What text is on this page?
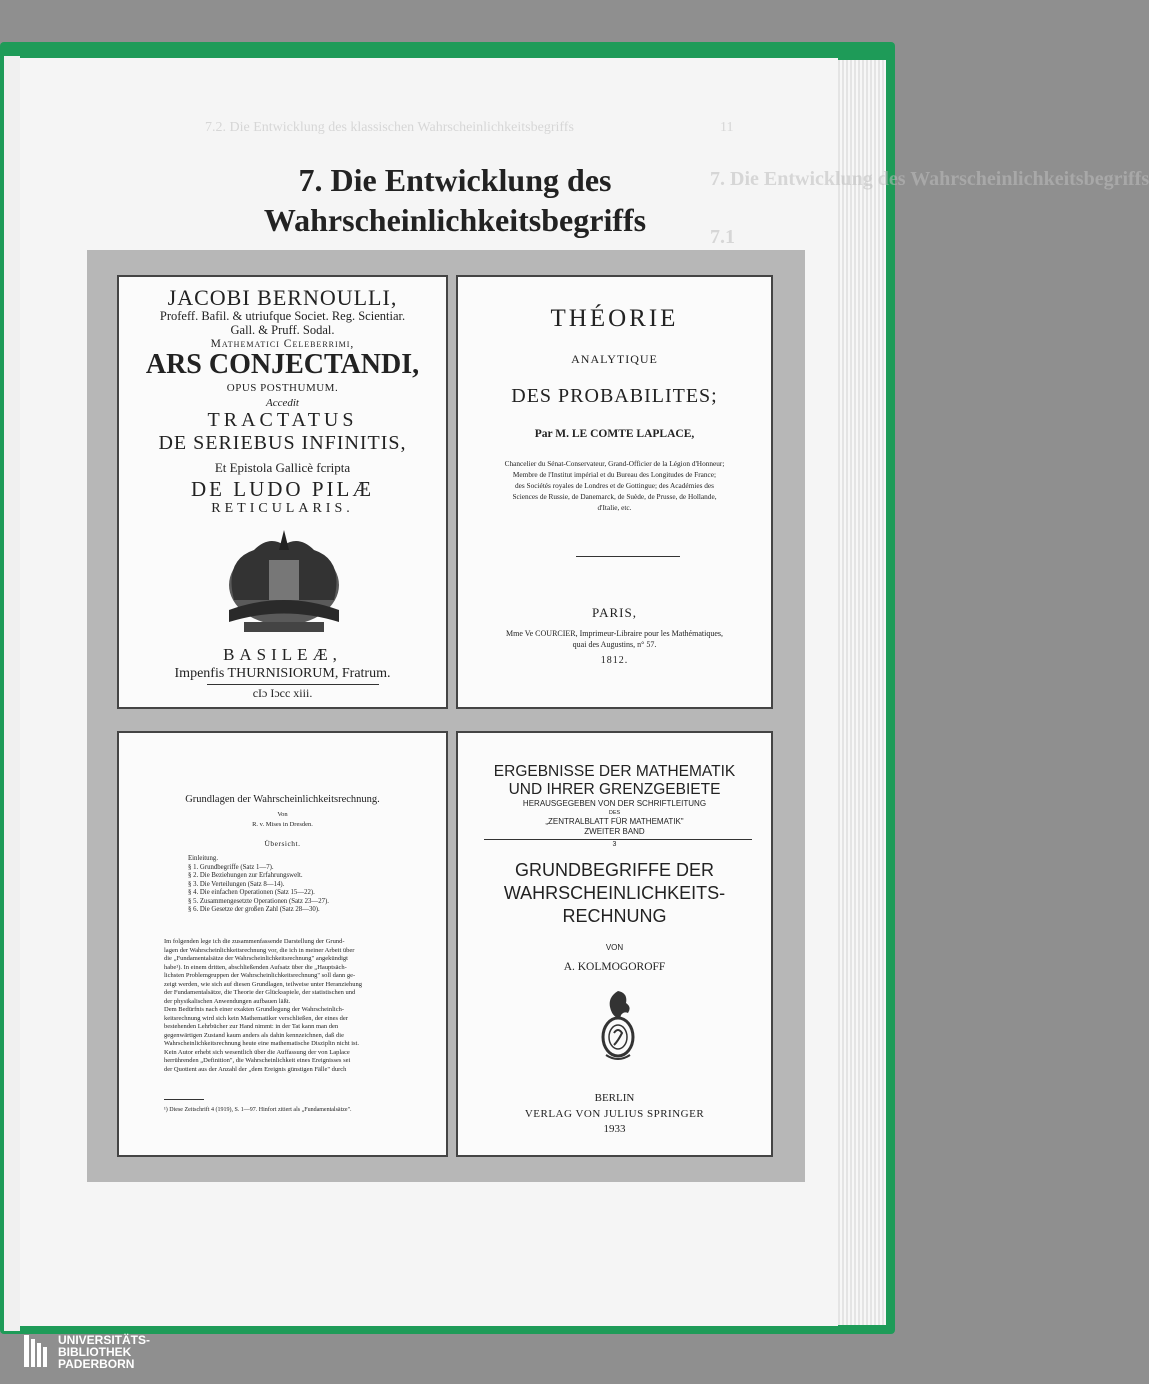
7.2. Die Entwicklung des klassischen Wahrscheinlichkeitsbegriffs	11
7. Die Entwicklung des Wahrscheinlichkeitsbegriffs
7.1
7. Die Entwicklung des
Wahrscheinlichkeitsbegriffs
JACOBI BERNOULLI,
Profeff. Bafil. & utriufque Societ. Reg. Scientiar.
Gall. & Pruff. Sodal.
Mathematici Celeberrimi,
ARS CONJECTANDI,
OPUS POSTHUMUM.
Accedit
TRACTATUS
DE SERIEBUS INFINITIS,
Et Epistola Gallicè fcripta
DE LUDO PILÆ
RETICULARIS.
BASILEÆ,
Impenfis THURNISIORUM, Fratrum.
cIɔ Iɔcc xiii.
THÉORIE
ANALYTIQUE
DES PROBABILITES;
Par M. LE COMTE LAPLACE,
Chancelier du Sénat-Conservateur, Grand-Officier de la Légion d'Honneur;
Membre de l'Institut impérial et du Bureau des Longitudes de France;
des Sociétés royales de Londres et de Gottingue; des Académies des
Sciences de Russie, de Danemarck, de Suède, de Prusse, de Hollande,
d'Italie, etc.
PARIS,
Mme Ve COURCIER, Imprimeur-Libraire pour les Mathématiques,
quai des Augustins, n° 57.
1812.
Grundlagen der Wahrscheinlichkeitsrechnung.
Von
R. v. Mises in Dresden.
Übersicht.
Einleitung.
§ 1. Grundbegriffe (Satz 1—7).
§ 2. Die Beziehungen zur Erfahrungswelt.
§ 3. Die Verteilungen (Satz 8—14).
§ 4. Die einfachen Operationen (Satz 15—22).
§ 5. Zusammengesetzte Operationen (Satz 23—27).
§ 6. Die Gesetze der großen Zahl (Satz 28—30).
Im folgenden lege ich die zusammenfassende Darstellung der Grund-
lagen der Wahrscheinlichkeitsrechnung vor, die ich in meiner Arbeit über
die „Fundamentalsätze der Wahrscheinlichkeitsrechnung" angekündigt
habe¹). In einem dritten, abschließenden Aufsatz über die „Hauptsäch-
lichsten Problemgruppen der Wahrscheinlichkeitsrechnung" soll dann ge-
zeigt werden, wie sich auf diesen Grundlagen, teilweise unter Heranziehung
der Fundamentalsätze, die Theorie der Glücksspiele, der statistischen und
der physikalischen Anwendungen aufbauen läßt.
Dem Bedürfnis nach einer exakten Grundlegung der Wahrscheinlich-
keitsrechnung wird sich kein Mathematiker verschließen, der eines der
bestehenden Lehrbücher zur Hand nimmt: in der Tat kann man den
gegenwärtigen Zustand kaum anders als dahin kennzeichnen, daß die
Wahrscheinlichkeitsrechnung heute eine mathematische Disziplin nicht ist.
Kein Autor erhebt sich wesentlich über die Auffassung der von Laplace
herrührenden „Definition", die Wahrscheinlichkeit eines Ereignisses sei
der Quotient aus der Anzahl der „dem Ereignis günstigen Fälle" durch
¹) Diese Zeitschrift 4 (1919), S. 1—97. Hinfort zitiert als „Fundamentalsätze".
ERGEBNISSE DER MATHEMATIK
UND IHRER GRENZGEBIETE
HERAUSGEGEBEN VON DER SCHRIFTLEITUNG
DES
„ZENTRALBLATT FÜR MATHEMATIK"
ZWEITER BAND
3
GRUNDBEGRIFFE DER
WAHRSCHEINLICHKEITS-
RECHNUNG
VON
A. KOLMOGOROFF
BERLIN
VERLAG VON JULIUS SPRINGER
1933
UNIVERSITÄTS-
BIBLIOTHEK
PADERBORN
